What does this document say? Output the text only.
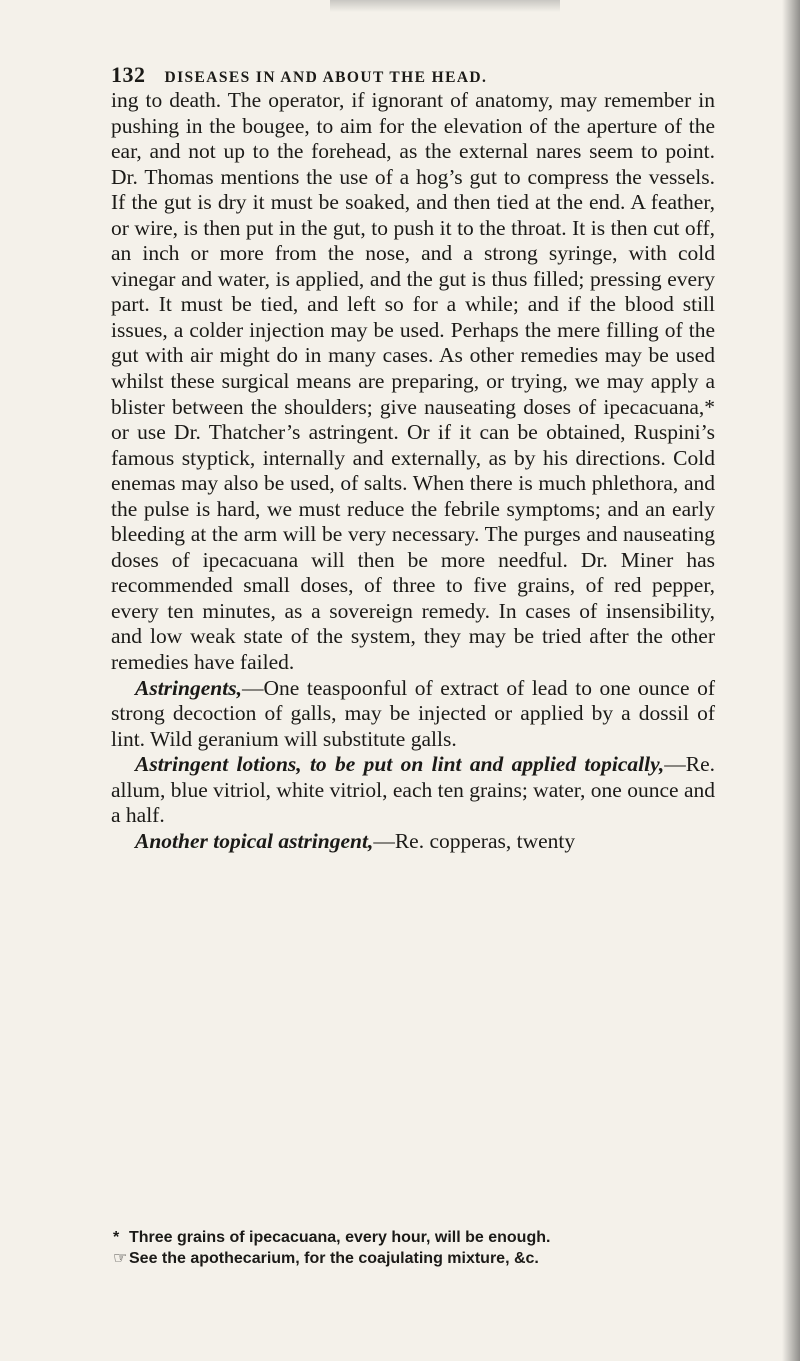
132 DISEASES IN AND ABOUT THE HEAD.

ing to death. The operator, if ignorant of anatomy, may remember in pushing in the bougee, to aim for the elevation of the aperture of the ear, and not up to the forehead, as the external nares seem to point. Dr. Thomas mentions the use of a hog’s gut to compress the vessels. If the gut is dry it must be soaked, and then tied at the end. A feather, or wire, is then put in the gut, to push it to the throat. It is then cut off, an inch or more from the nose, and a strong syringe, with cold vinegar and water, is applied, and the gut is thus filled; pressing every part. It must be tied, and left so for a while; and if the blood still issues, a colder injection may be used. Perhaps the mere filling of the gut with air might do in many cases. As other remedies may be used whilst these surgical means are preparing, or trying, we may apply a blister between the shoulders; give nauseating doses of ipecacuana,* or use Dr. Thatcher’s astringent. Or if it can be obtained, Ruspini’s famous styptick, internally and externally, as by his directions. Cold enemas may also be used, of salts. When there is much phlethora, and the pulse is hard, we must reduce the febrile symptoms; and an early bleeding at the arm will be very necessary. The purges and nauseating doses of ipecacuana will then be more needful. Dr. Miner has recommended small doses, of three to five grains, of red pepper, every ten minutes, as a sovereign remedy. In cases of insensibility, and low weak state of the system, they may be tried after the other remedies have failed.

Astringents,—One teaspoonful of extract of lead to one ounce of strong decoction of galls, may be injected or applied by a dossil of lint. Wild geranium will substitute galls.

Astringent lotions, to be put on lint and applied topically,—Re. allum, blue vitriol, white vitriol, each ten grains; water, one ounce and a half.

Another topical astringent,—Re. copperas, twenty

* Three grains of ipecacuana, every hour, will be enough.
☞ See the apothecarium, for the coajulating mixture, &c.
